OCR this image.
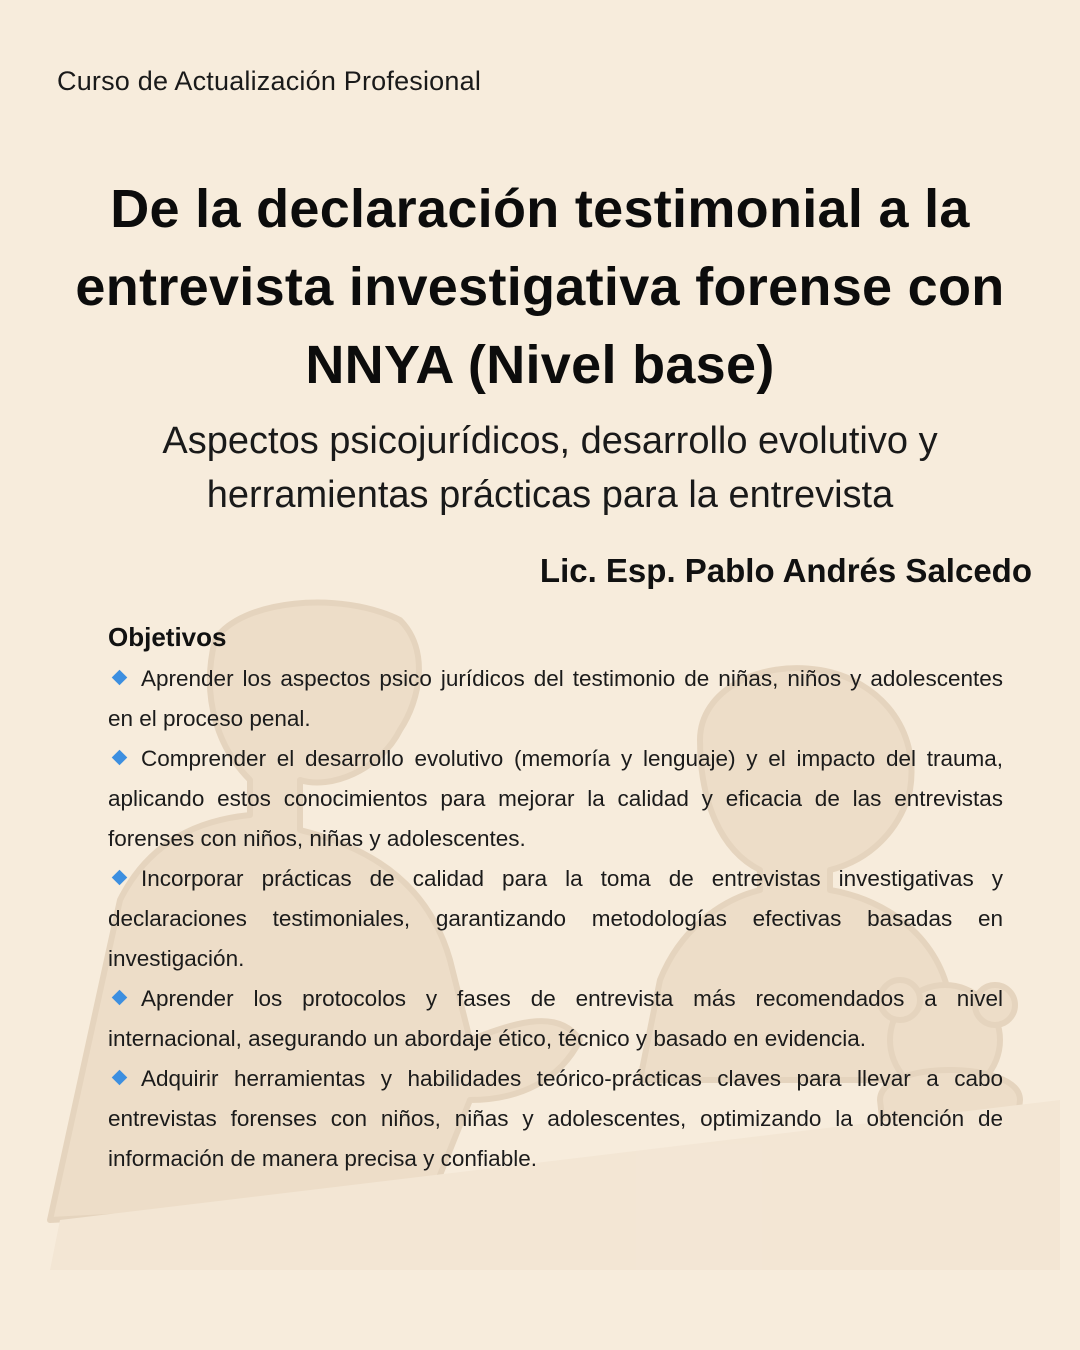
Curso de Actualización Profesional
De la declaración testimonial a la
entrevista investigativa forense con
NNYA (Nivel base)
Aspectos psicojurídicos, desarrollo evolutivo y
herramientas prácticas para la entrevista
Lic. Esp. Pablo Andrés Salcedo
Objetivos
Aprender los aspectos psico jurídicos del testimonio de niñas, niños y adolescentes en el proceso penal.
Comprender el desarrollo evolutivo (memoría y lenguaje) y el impacto del trauma, aplicando estos conocimientos para mejorar la calidad y eficacia de las entrevistas forenses con niños, niñas y adolescentes.
Incorporar prácticas de calidad para la toma de entrevistas investigativas y declaraciones testimoniales, garantizando metodologías efectivas basadas en investigación.
Aprender los protocolos y fases de entrevista más recomendados a nivel internacional, asegurando un abordaje ético, técnico y basado en evidencia.
Adquirir herramientas y habilidades teórico-prácticas claves para llevar a cabo entrevistas forenses con niños, niñas y adolescentes, optimizando la obtención de información de manera precisa y confiable.
